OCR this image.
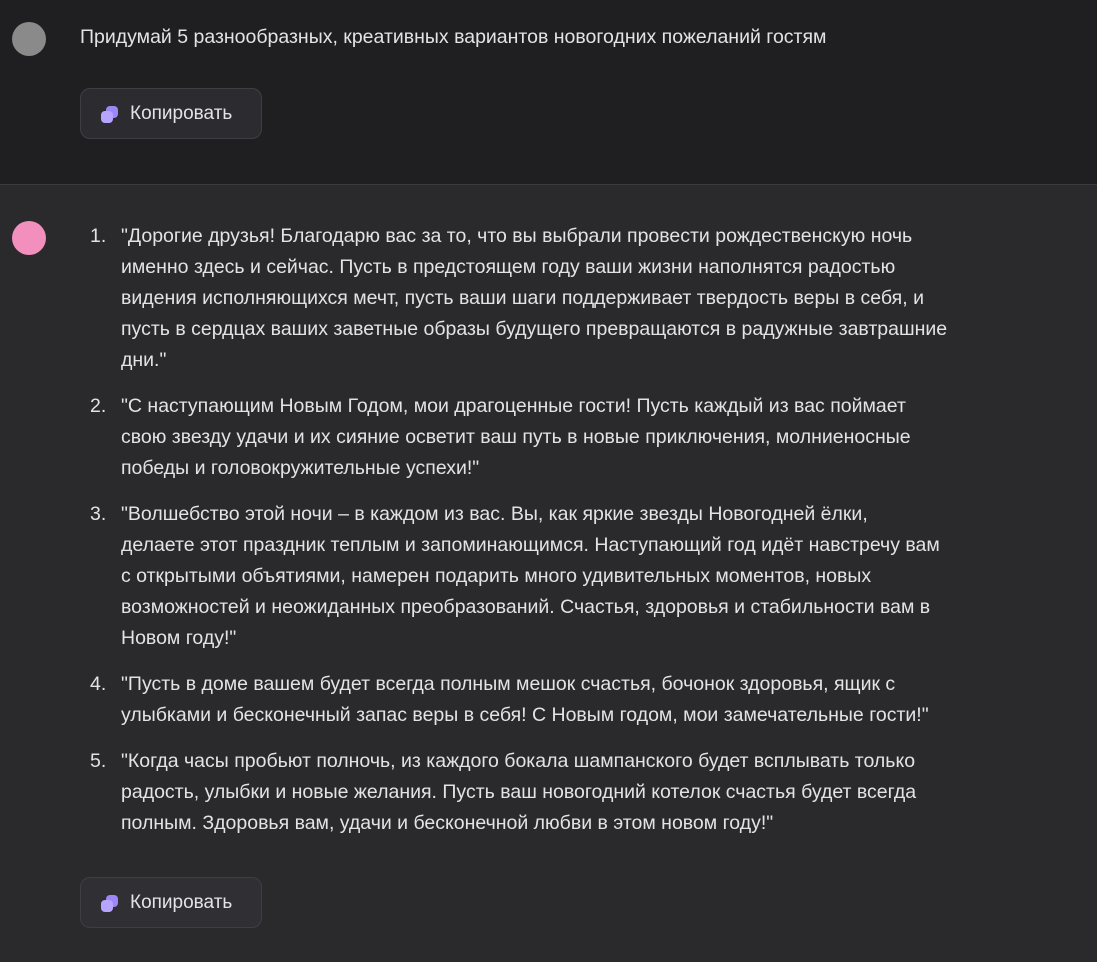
Придумай 5 разнообразных, креативных вариантов новогодних пожеланий гостям
Копировать
1. "Дорогие друзья! Благодарю вас за то, что вы выбрали провести рождественскую ночь
именно здесь и сейчас. Пусть в предстоящем году ваши жизни наполнятся радостью
видения исполняющихся мечт, пусть ваши шаги поддерживает твердость веры в себя, и
пусть в сердцах ваших заветные образы будущего превращаются в радужные завтрашние
дни."
2. "С наступающим Новым Годом, мои драгоценные гости! Пусть каждый из вас поймает
свою звезду удачи и их сияние осветит ваш путь в новые приключения, молниеносные
победы и головокружительные успехи!"
3. "Волшебство этой ночи – в каждом из вас. Вы, как яркие звезды Новогодней ёлки,
делаете этот праздник теплым и запоминающимся. Наступающий год идёт навстречу вам
с открытыми объятиями, намерен подарить много удивительных моментов, новых
возможностей и неожиданных преобразований. Счастья, здоровья и стабильности вам в
Новом году!"
4. "Пусть в доме вашем будет всегда полным мешок счастья, бочонок здоровья, ящик с
улыбками и бесконечный запас веры в себя! С Новым годом, мои замечательные гости!"
5. "Когда часы пробьют полночь, из каждого бокала шампанского будет всплывать только
радость, улыбки и новые желания. Пусть ваш новогодний котелок счастья будет всегда
полным. Здоровья вам, удачи и бесконечной любви в этом новом году!"
Копировать
